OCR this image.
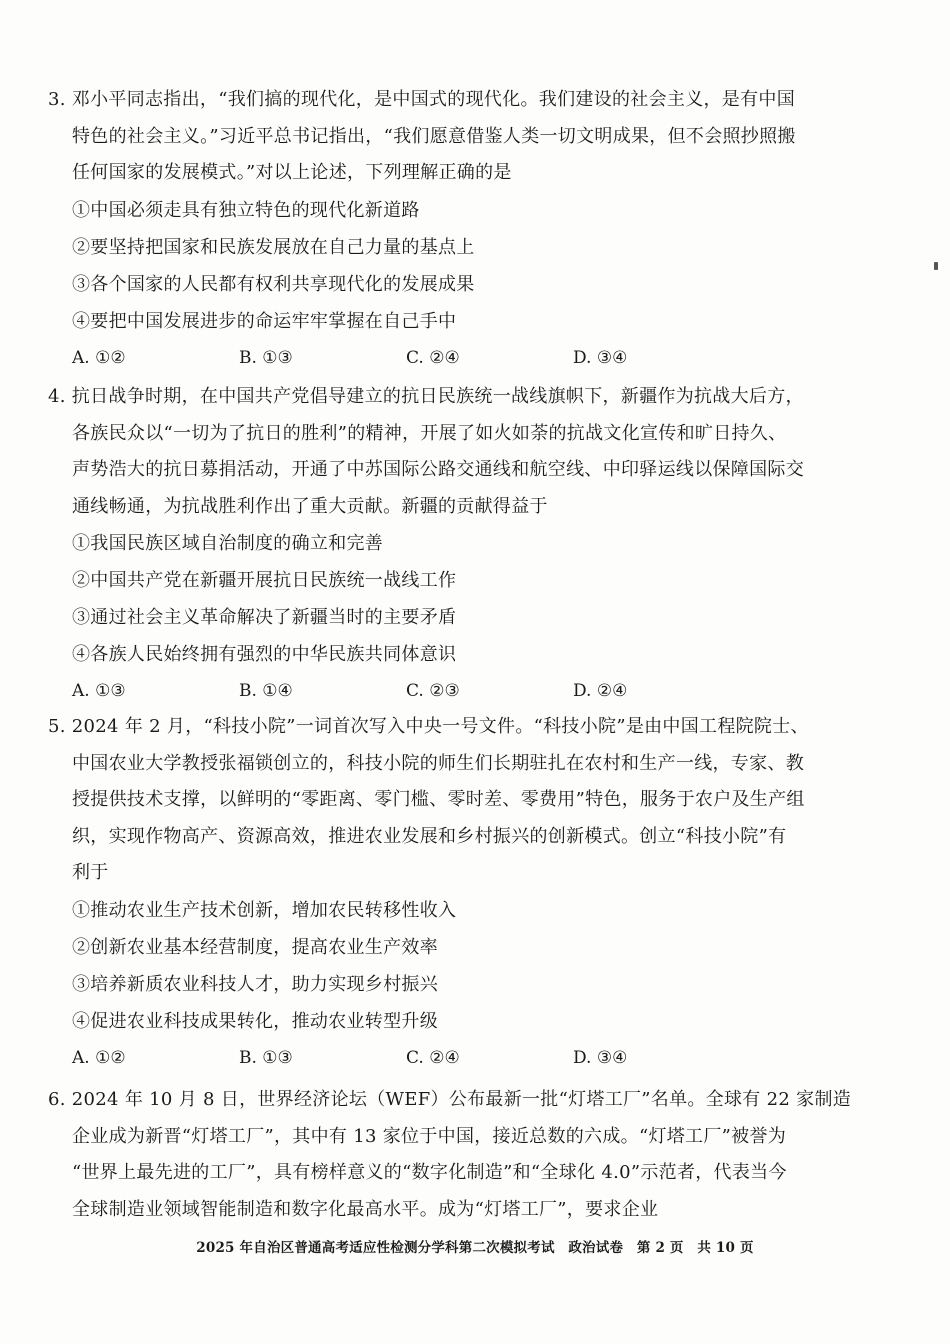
3. 邓小平同志指出，“我们搞的现代化，是中国式的现代化。我们建设的社会主义，是有中国
特色的社会主义。”习近平总书记指出，“我们愿意借鉴人类一切文明成果，但不会照抄照搬
任何国家的发展模式。”对以上论述，下列理解正确的是
①中国必须走具有独立特色的现代化新道路
②要坚持把国家和民族发展放在自己力量的基点上
③各个国家的人民都有权利共享现代化的发展成果
④要把中国发展进步的命运牢牢掌握在自己手中
A. ①②	B. ①③	C. ②④	D. ③④
4. 抗日战争时期，在中国共产党倡导建立的抗日民族统一战线旗帜下，新疆作为抗战大后方，
各族民众以“一切为了抗日的胜利”的精神，开展了如火如荼的抗战文化宣传和旷日持久、
声势浩大的抗日募捐活动，开通了中苏国际公路交通线和航空线、中印驿运线以保障国际交
通线畅通，为抗战胜利作出了重大贡献。新疆的贡献得益于
①我国民族区域自治制度的确立和完善
②中国共产党在新疆开展抗日民族统一战线工作
③通过社会主义革命解决了新疆当时的主要矛盾
④各族人民始终拥有强烈的中华民族共同体意识
A. ①③	B. ①④	C. ②③	D. ②④
5. 2024 年 2 月，“科技小院”一词首次写入中央一号文件。“科技小院”是由中国工程院院士、
中国农业大学教授张福锁创立的，科技小院的师生们长期驻扎在农村和生产一线，专家、教
授提供技术支撑，以鲜明的“零距离、零门槛、零时差、零费用”特色，服务于农户及生产组
织，实现作物高产、资源高效，推进农业发展和乡村振兴的创新模式。创立“科技小院”有
利于
①推动农业生产技术创新，增加农民转移性收入
②创新农业基本经营制度，提高农业生产效率
③培养新质农业科技人才，助力实现乡村振兴
④促进农业科技成果转化，推动农业转型升级
A. ①②	B. ①③	C. ②④	D. ③④
6. 2024 年 10 月 8 日，世界经济论坛（WEF）公布最新一批“灯塔工厂”名单。全球有 22 家制造
企业成为新晋“灯塔工厂”，其中有 13 家位于中国，接近总数的六成。“灯塔工厂”被誉为
“世界上最先进的工厂”，具有榜样意义的“数字化制造”和“全球化 4.0”示范者，代表当今
全球制造业领域智能制造和数字化最高水平。成为“灯塔工厂”，要求企业
2025 年自治区普通高考适应性检测分学科第二次模拟考试　政治试卷　第 2 页　共 10 页
